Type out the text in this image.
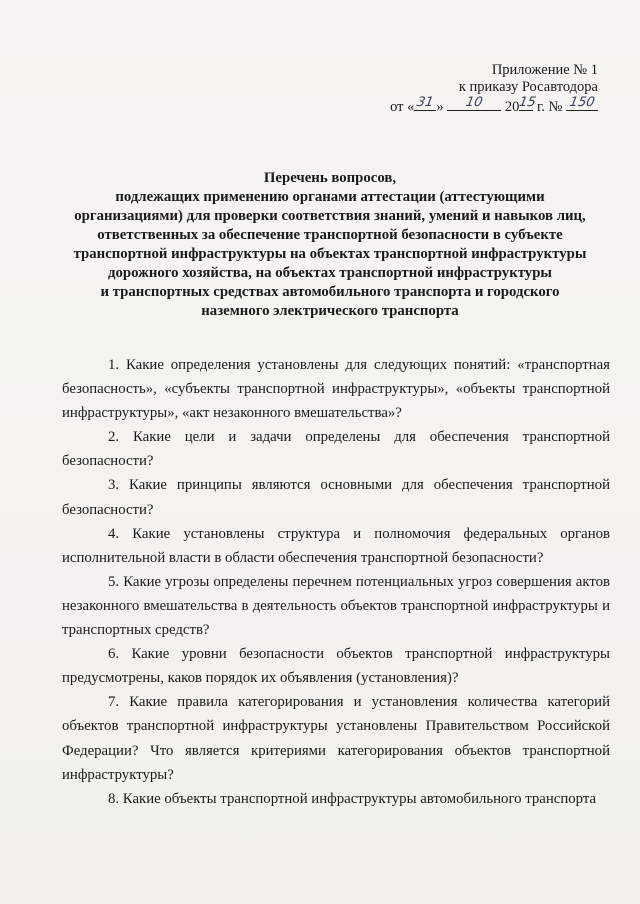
Приложение № 1
к приказу Росавтодора
от « 31 »	10	20
15
г. № 150
Перечень вопросов,
подлежащих применению органами аттестации (аттестующими
организациями) для проверки соответствия знаний, умений и навыков лиц,
ответственных за обеспечение транспортной безопасности в субъекте
транспортной инфраструктуры на объектах транспортной инфраструктуры
дорожного хозяйства, на объектах транспортной инфраструктуры
и транспортных средствах автомобильного транспорта и городского
наземного электрического транспорта

1. Какие определения установлены для следующих понятий: «транспортная безопасность», «субъекты транспортной инфраструктуры», «объекты транспортной инфраструктуры», «акт незаконного вмешательства»?

2. Какие цели и задачи определены для обеспечения транспортной безопасности?

3. Какие принципы являются основными для обеспечения транспортной безопасности?

4. Какие установлены структура и полномочия федеральных органов исполнительной власти в области обеспечения транспортной безопасности?

5. Какие угрозы определены перечнем потенциальных угроз совершения актов незаконного вмешательства в деятельность объектов транспортной инфраструктуры и транспортных средств?

6. Какие уровни безопасности объектов транспортной инфраструктуры предусмотрены, каков порядок их объявления (установления)?

7. Какие правила категорирования и установления количества категорий объектов транспортной инфраструктуры установлены Правительством Российской Федерации? Что является критериями категорирования объектов транспортной инфраструктуры?

8. Какие объекты транспортной инфраструктуры автомобильного транспорта
